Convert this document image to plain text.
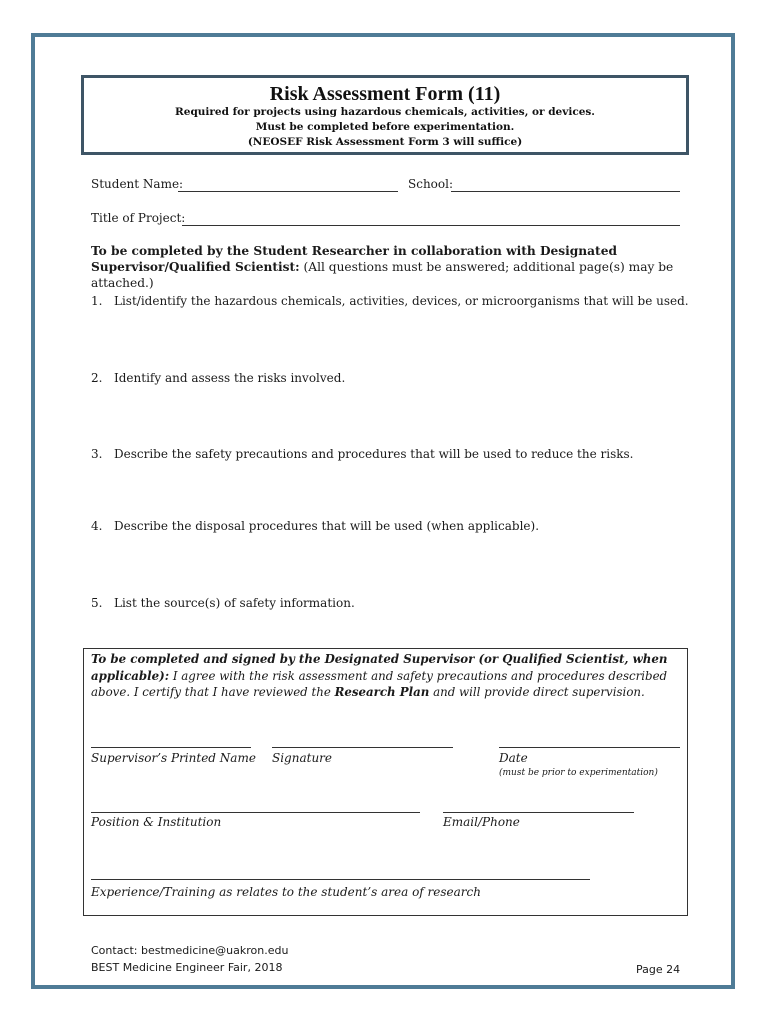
Risk Assessment Form (11)
Required for projects using hazardous chemicals, activities, or devices.
Must be completed before experimentation.
(NEOSEF Risk Assessment Form 3 will suffice)
Student Name:	School:
Title of Project:
To be completed by the Student Researcher in collaboration with Designated Supervisor/Qualified Scientist: (All questions must be answered; additional page(s) may be attached.)
1. List/identify the hazardous chemicals, activities, devices, or microorganisms that will be used.
2. Identify and assess the risks involved.
3. Describe the safety precautions and procedures that will be used to reduce the risks.
4. Describe the disposal procedures that will be used (when applicable).
5. List the source(s) of safety information.
To be completed and signed by the Designated Supervisor (or Qualified Scientist, when applicable): I agree with the risk assessment and safety precautions and procedures described above. I certify that I have reviewed the Research Plan and will provide direct supervision.
Supervisor’s Printed Name Signature	Date
(must be prior to experimentation)
Position & Institution	Email/Phone
Experience/Training as relates to the student’s area of research
Contact: bestmedicine@uakron.edu
BEST Medicine Engineer Fair, 2018	Page 24
